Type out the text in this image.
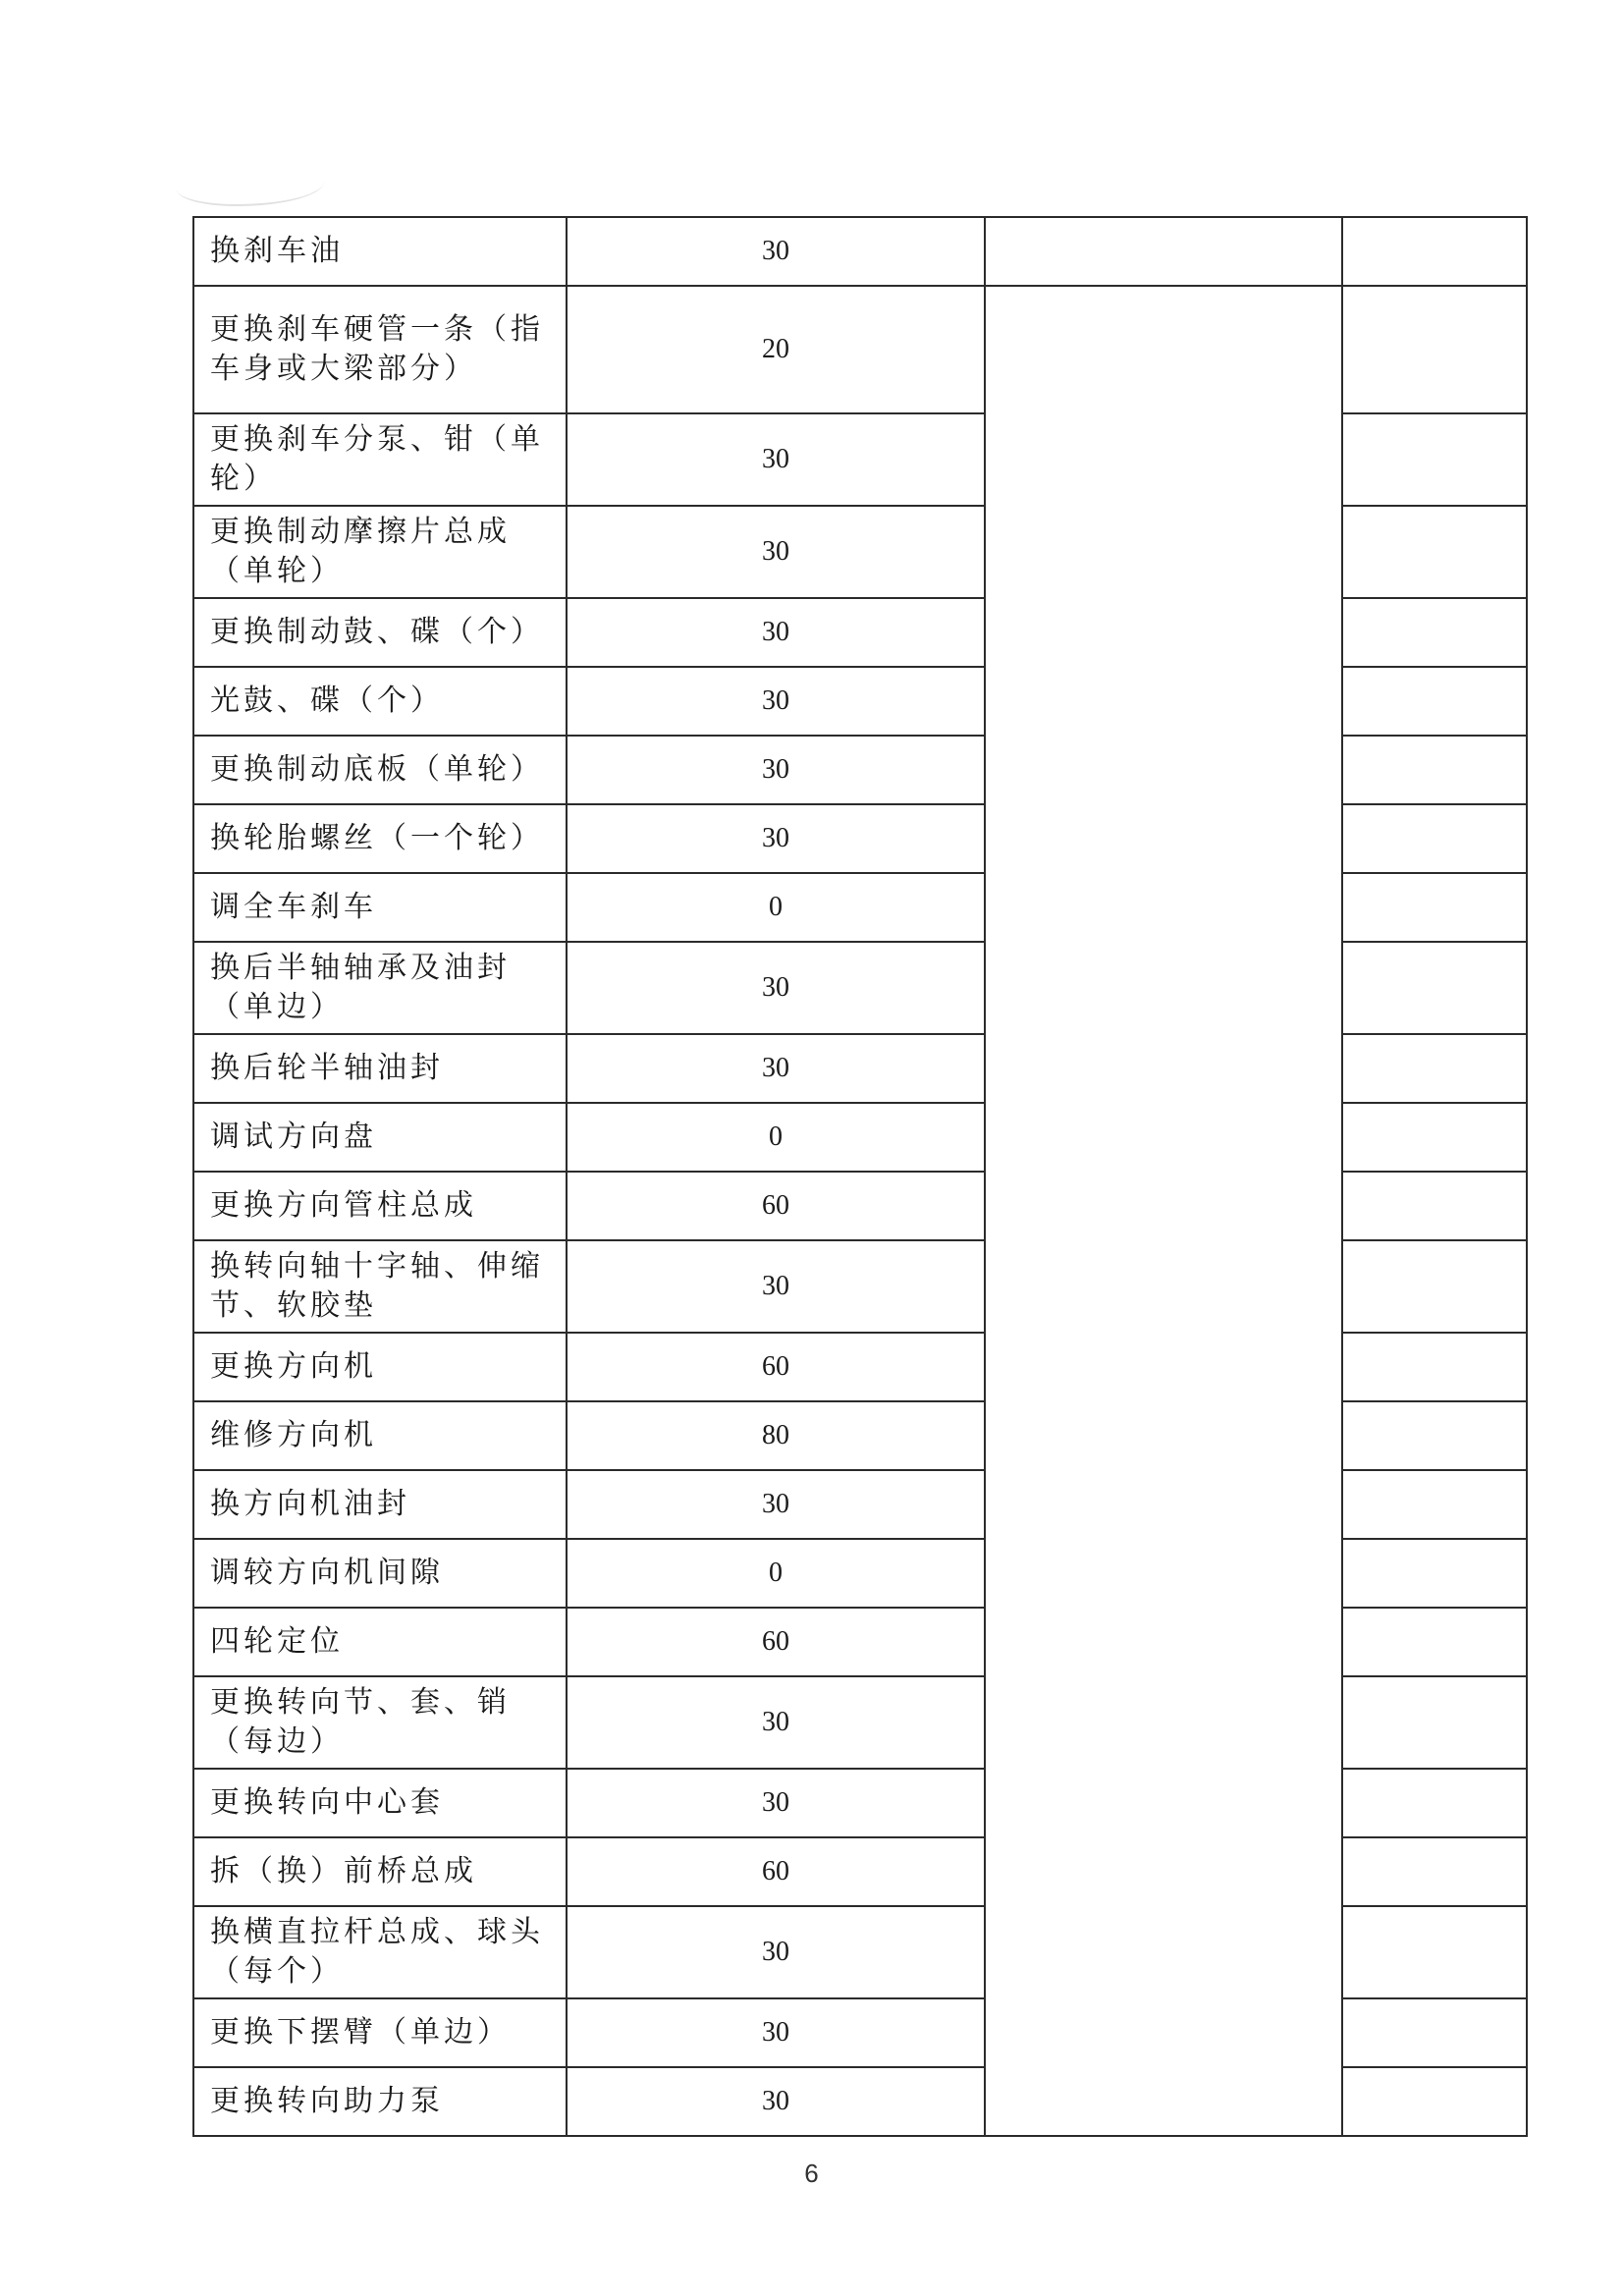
换刹车油	30		
更换刹车硬管一条（指车身或大梁部分）	20		
更换刹车分泵、钳（单轮）	30		
更换制动摩擦片总成（单轮）	30		
更换制动鼓、碟（个）	30		
光鼓、碟（个）	30		
更换制动底板（单轮）	30		
换轮胎螺丝（一个轮）	30		
调全车刹车	0		
换后半轴轴承及油封（单边）	30		
换后轮半轴油封	30		
调试方向盘	0		
更换方向管柱总成	60		
换转向轴十字轴、伸缩节、软胶垫	30		
更换方向机	60		
维修方向机	80		
换方向机油封	30		
调较方向机间隙	0		
四轮定位	60		
更换转向节、套、销（每边）	30		
更换转向中心套	30		
拆（换）前桥总成	60		
换横直拉杆总成、球头（每个）	30		
更换下摆臂（单边）	30		
更换转向助力泵	30		
6
